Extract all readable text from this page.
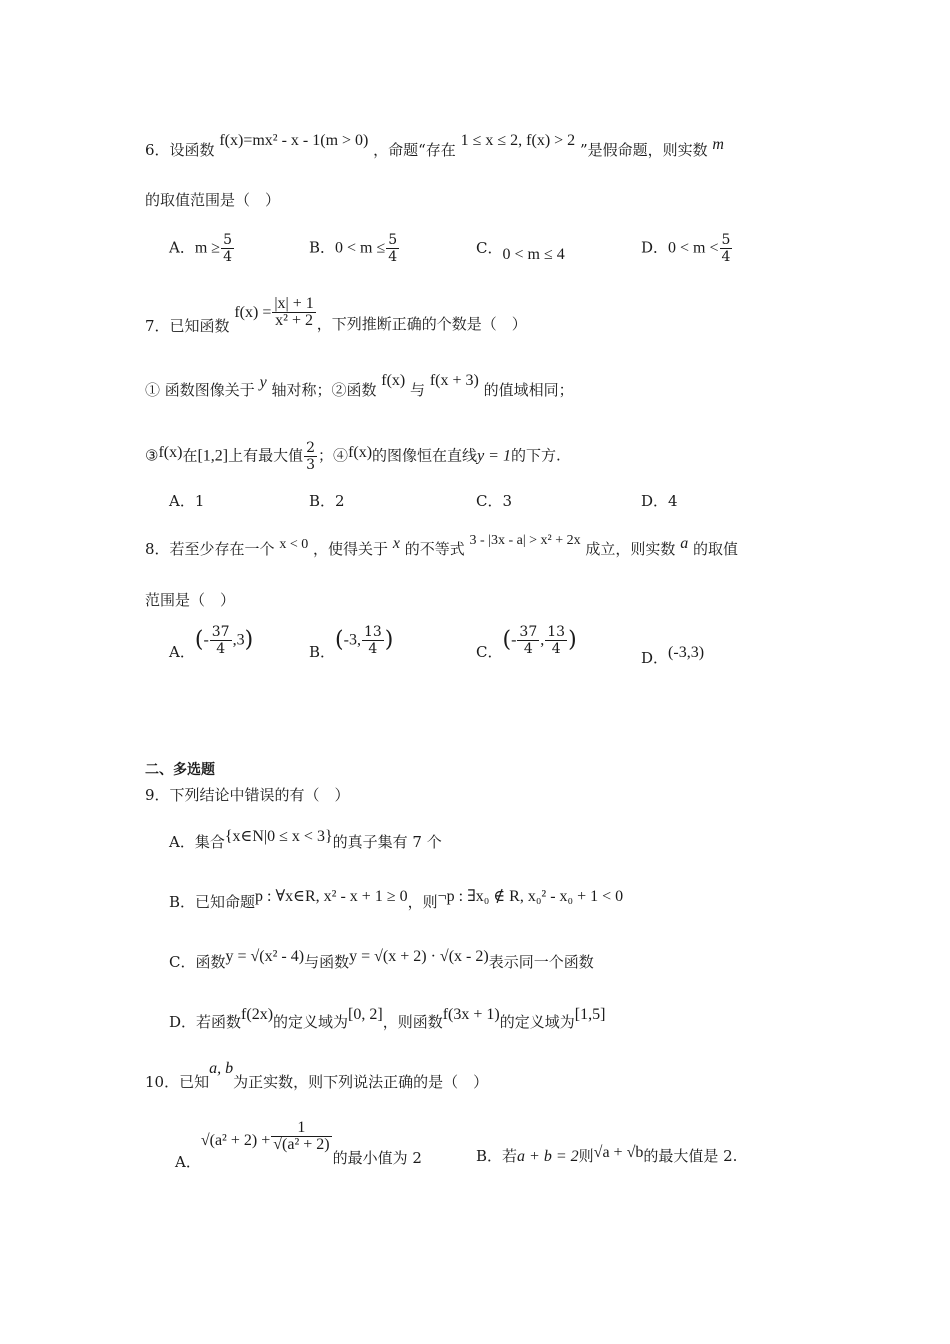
6．设函数 f(x)=mx² - x - 1(m > 0) ，命题“存在 1 ≤ x ≤ 2, f(x) > 2 ”是假命题，则实数 m
的取值范围是（　）
A．$m \ge \frac{5}{4}$	B．$0 < m \le \frac{5}{4}$	C．0 < m ≤ 4	D．$0 < m < \frac{5}{4}$
7．已知函数 $f(x) = \frac{|x| + 1}{\text{x² + 2}}$ ，下列推断正确的个数是（　）
① 函数图像关于 y 轴对称；②函数 f(x) 与 f(x + 3) 的值域相同；
③f(x)在[1,2]上有最大值 $\frac{2}{3}$ ；④f(x)的图像恒在直线y = 1的下方.
A．1	B．2	C．3	D．4
8．若至少存在一个 x < 0 ，使得关于 x 的不等式 3 - |3x - a| > x² + 2x 成立，则实数 a 的取值
范围是（　）
A．(- $\frac{37}{4} ,3$)	B．(-3, $\frac{13}{4}$ )	C．(- $\frac{37}{4}$ , $\frac{13}{4}$ )
D．(-3,3)
二、多选题
9．下列结论中错误的有（　）
A．集合{x∈N|0 ≤ x < 3}的真子集有 7 个
B．已知命题p : ∀x∈R, x² - x + 1 ≥ 0，则¬p : ∃x₀ ∉ R, x₀² - x₀ + 1 < 0
C．函数y = √(x² - 4)与函数y = √(x + 2) · √(x - 2)表示同一个函数
D．若函数f(2x)的定义域为[0, 2]，则函数f(3x + 1)的定义域为[1,5]
10．已知a, b为正实数，则下列说法正确的是（　）
A．$√(a^2 + 2) + \frac{1}{\text{√(a² + 2)}}$
的最小值为 2	B．若a + b = 2则√a + √b的最大值是 2.
